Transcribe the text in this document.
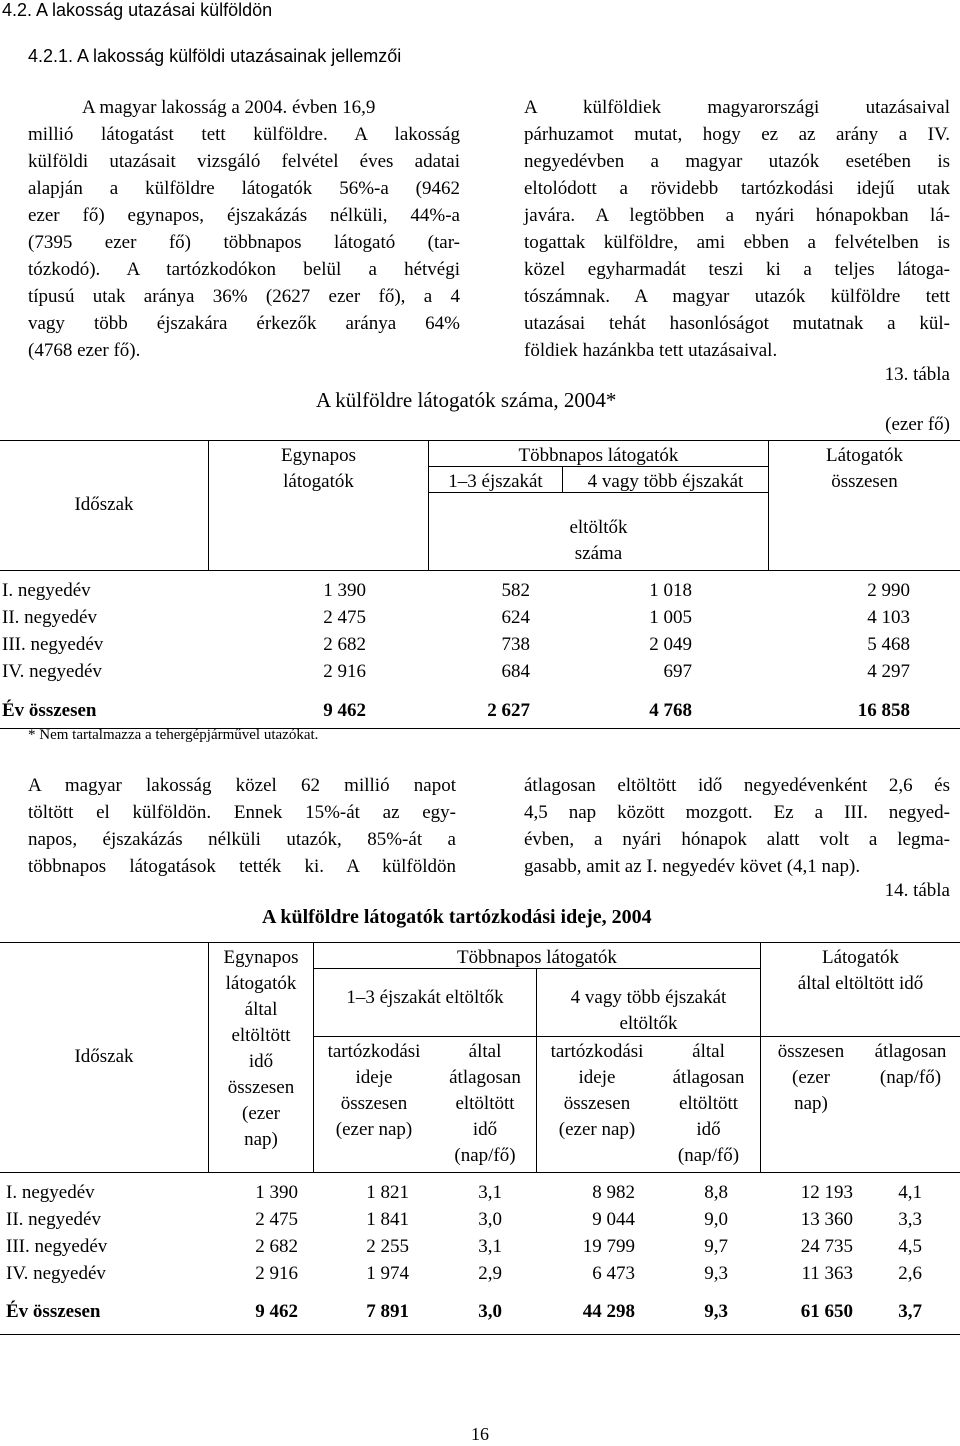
4.2. A lakosság utazásai külföldön
4.2.1. A lakosság külföldi utazásainak jellemzői
A magyar lakosság a 2004. évben 16,9
millió látogatást tett külföldre. A lakosság
külföldi utazásait vizsgáló felvétel éves adatai
alapján a külföldre látogatók 56%-a (9462
ezer fő) egynapos, éjszakázás nélküli, 44%-a
(7395 ezer fő) többnapos látogató (tar-
tózkodó). A tartózkodókon belül a hétvégi
típusú utak aránya 36% (2627 ezer fő), a 4
vagy több éjszakára érkezők aránya 64%
(4768 ezer fő).
A külföldiek magyarországi utazásaival
párhuzamot mutat, hogy ez az arány a IV.
negyedévben a magyar utazók esetében is
eltolódott a rövidebb tartózkodási idejű utak
javára. A legtöbben a nyári hónapokban lá-
togattak külföldre, ami ebben a felvételben is
közel egyharmadát teszi ki a teljes látoga-
tószámnak. A magyar utazók külföldre tett
utazásai tehát hasonlóságot mutatnak a kül-
földiek hazánkba tett utazásaival.
13. tábla
A külföldre látogatók száma, 2004*
(ezer fő)
Időszak
Egynapos
látogatók
Többnapos látogatók
1–3 éjszakát	4 vagy több éjszakát
eltöltők
száma
Látogatók
összesen
I. negyedév	1 390	582	1 018	2 990
II. negyedév	2 475	624	1 005	4 103
III. negyedév	2 682	738	2 049	5 468
IV. negyedév	2 916	684	697	4 297
Év összesen	9 462	2 627	4 768	16 858
* Nem tartalmazza a tehergépjárművel utazókat.
A magyar lakosság közel 62 millió napot
töltött el külföldön. Ennek 15%-át az egy-
napos, éjszakázás nélküli utazók, 85%-át a
többnapos látogatások tették ki. A külföldön
átlagosan eltöltött idő negyedévenként 2,6 és
4,5 nap között mozgott. Ez a III. negyed-
évben, a nyári hónapok alatt volt a legma-
gasabb, amit az I. negyedév követ (4,1 nap).
14. tábla
A külföldre látogatók tartózkodási ideje, 2004
Időszak
Egynapos
látogatók
által
eltöltött
idő
összesen
(ezer
nap)
Többnapos látogatók
1–3 éjszakát eltöltők	4 vagy több éjszakát
eltöltők
Látogatók
által eltöltött idő
tartózkodási
ideje
összesen
(ezer nap)
által
átlagosan
eltöltött
idő
(nap/fő)
tartózkodási
ideje
összesen
(ezer nap)
által
átlagosan
eltöltött
idő
(nap/fő)
összesen
(ezer
nap)
átlagosan
(nap/fő)
I. negyedév	1 390	1 821	3,1	8 982	8,8	12 193 4,1
II. negyedév	2 475	1 841	3,0	9 044	9,0	13 360 3,3
III. negyedév	2 682	2 255	3,1	19 799	9,7	24 735 4,5
IV. negyedév	2 916	1 974	2,9	6 473	9,3	11 363 2,6
Év összesen	9 462	7 891	3,0	44 298	9,3	61 650 3,7
16
